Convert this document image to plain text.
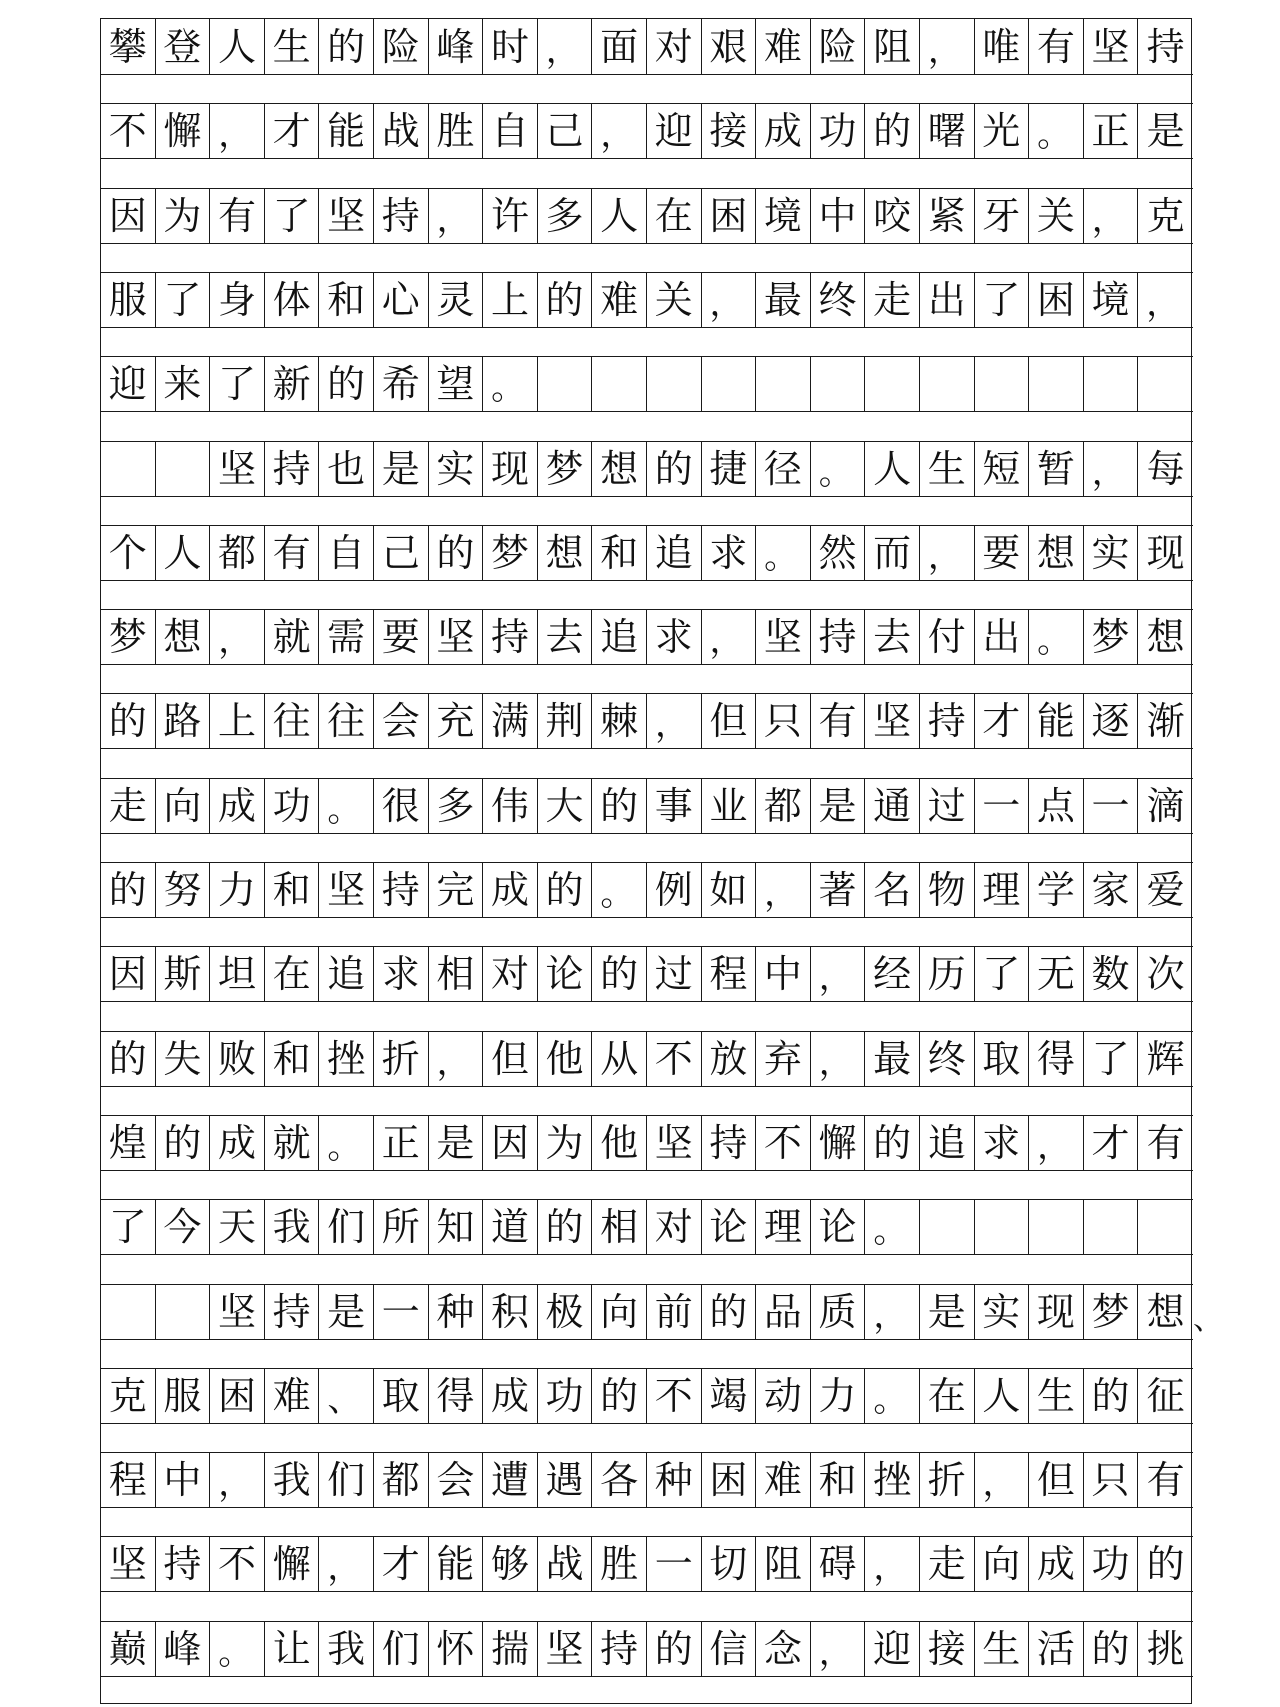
攀 登 人 生 的 险 峰 时 ， 面 对 艰 难 险 阻 ， 唯 有 坚 持
不 懈 ， 才 能 战 胜 自 己 ， 迎 接 成 功 的 曙 光 。 正 是
因 为 有 了 坚 持 ， 许 多 人 在 困 境 中 咬 紧 牙 关 ， 克
服 了 身 体 和 心 灵 上 的 难 关 ， 最 终 走 出 了 困 境 ，
迎 来 了 新 的 希 望 。
坚 持 也 是 实 现 梦 想 的 捷 径 。 人 生 短 暂 ， 每
个 人 都 有 自 己 的 梦 想 和 追 求 。 然 而 ， 要 想 实 现
梦 想 ， 就 需 要 坚 持 去 追 求 ， 坚 持 去 付 出 。 梦 想
的 路 上 往 往 会 充 满 荆 棘 ， 但 只 有 坚 持 才 能 逐 渐
走 向 成 功 。 很 多 伟 大 的 事 业 都 是 通 过 一 点 一 滴
的 努 力 和 坚 持 完 成 的 。 例 如 ， 著 名 物 理 学 家 爱
因 斯 坦 在 追 求 相 对 论 的 过 程 中 ， 经 历 了 无 数 次
的 失 败 和 挫 折 ， 但 他 从 不 放 弃 ， 最 终 取 得 了 辉
煌 的 成 就 。 正 是 因 为 他 坚 持 不 懈 的 追 求 ， 才 有
了 今 天 我 们 所 知 道 的 相 对 论 理 论 。
坚 持 是 一 种 积 极 向 前 的 品 质 ， 是 实 现 梦 想 、
克 服 困 难 、 取 得 成 功 的 不 竭 动 力 。 在 人 生 的 征
程 中 ， 我 们 都 会 遭 遇 各 种 困 难 和 挫 折 ， 但 只 有
坚 持 不 懈 ， 才 能 够 战 胜 一 切 阻 碍 ， 走 向 成 功 的
巅 峰 。 让 我 们 怀 揣 坚 持 的 信 念 ， 迎 接 生 活 的 挑
